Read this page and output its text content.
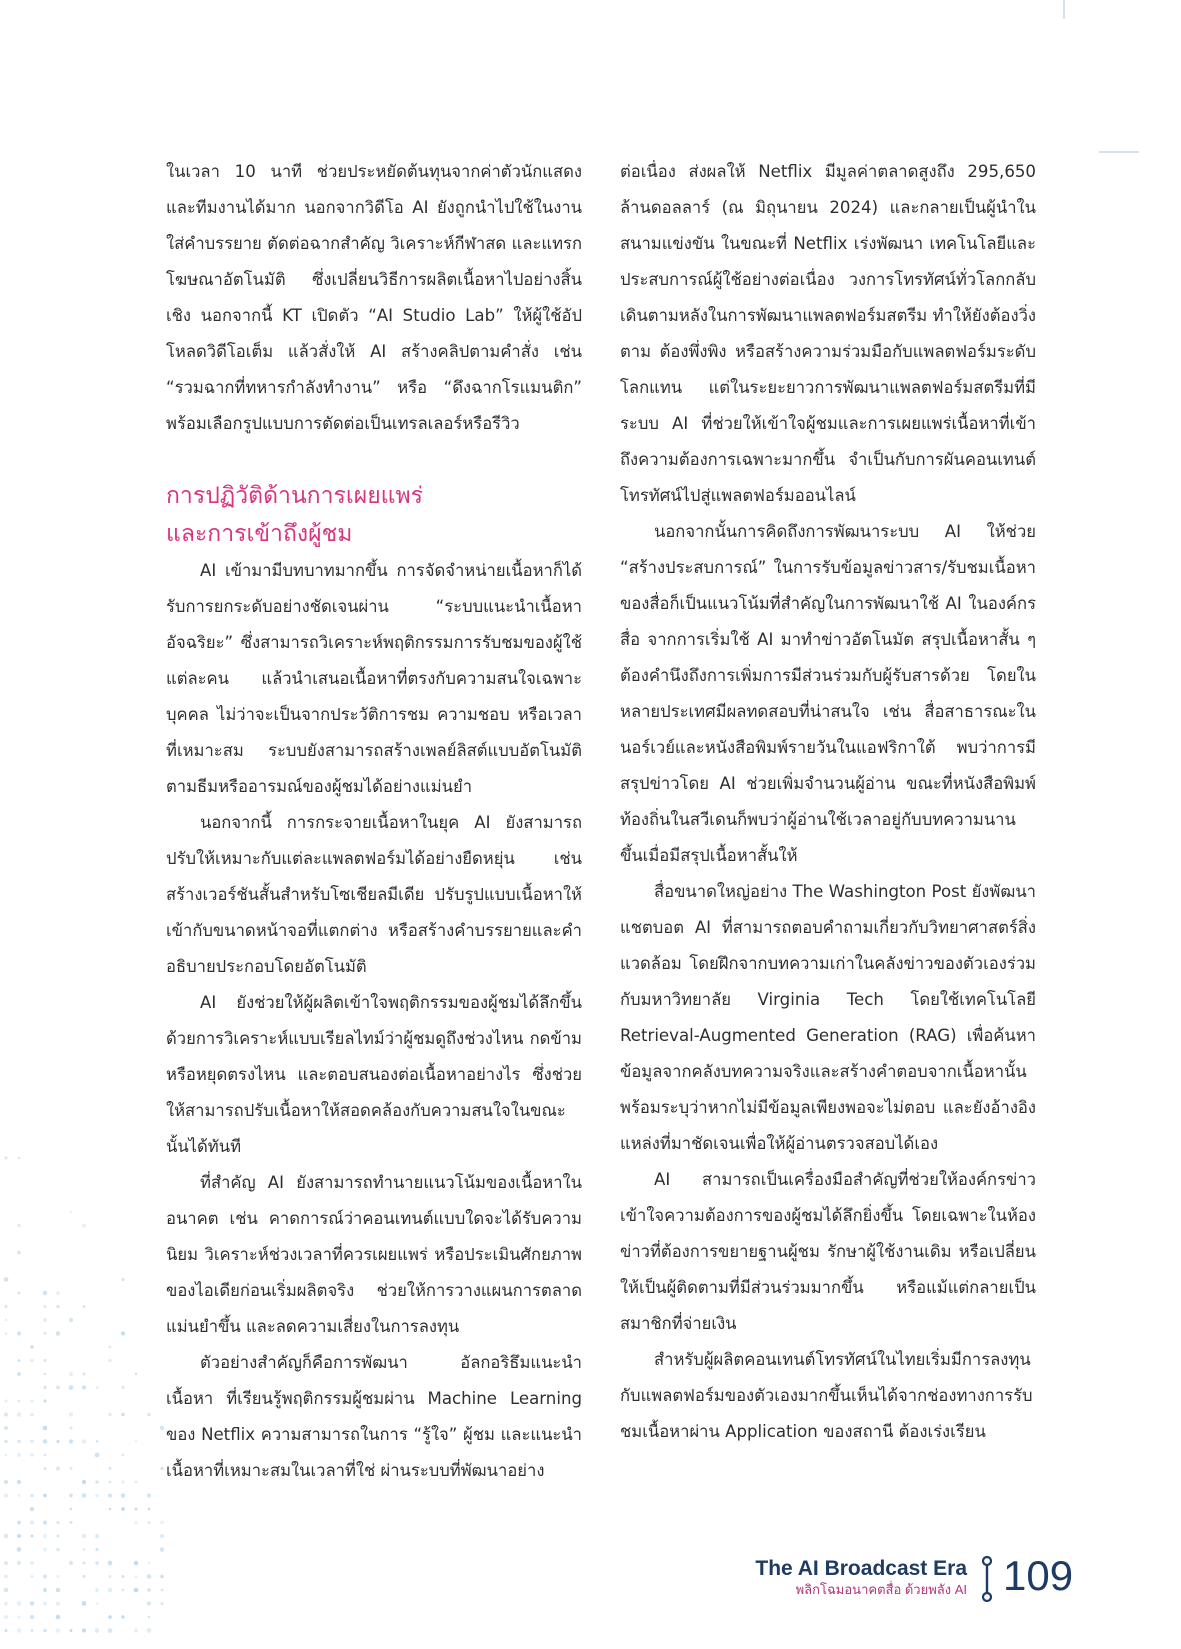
ในเวลา 10 นาที ช่วยประหยัดต้นทุนจากค่าตัวนักแสดงและทีมงานได้มาก นอกจากวิดีโอ AI ยังถูกนำไปใช้ในงานใส่คำบรรยาย ตัดต่อฉากสำคัญ วิเคราะห์กีฬาสด และแทรกโฆษณาอัตโนมัติ ซึ่งเปลี่ยนวิธีการผลิตเนื้อหาไปอย่างสิ้นเชิง นอกจากนี้ KT เปิดตัว “AI Studio Lab” ให้ผู้ใช้อัปโหลดวิดีโอเต็ม แล้วสั่งให้ AI สร้างคลิปตามคำสั่ง เช่น “รวมฉากที่ทหารกำลังทำงาน” หรือ “ดึงฉากโรแมนติก” พร้อมเลือกรูปแบบการตัดต่อเป็นเทรลเลอร์หรือรีวิว

การปฏิวัติด้านการเผยแพร่
และการเข้าถึงผู้ชม

AI เข้ามามีบทบาทมากขึ้น การจัดจำหน่ายเนื้อหาก็ได้รับการยกระดับอย่างชัดเจนผ่าน “ระบบแนะนำเนื้อหาอัจฉริยะ” ซึ่งสามารถวิเคราะห์พฤติกรรมการรับชมของผู้ใช้แต่ละคน แล้วนำเสนอเนื้อหาที่ตรงกับความสนใจเฉพาะบุคคล ไม่ว่าจะเป็นจากประวัติการชม ความชอบ หรือเวลาที่เหมาะสม ระบบยังสามารถสร้างเพลย์ลิสต์แบบอัตโนมัติตามธีมหรืออารมณ์ของผู้ชมได้อย่างแม่นยำ

นอกจากนี้ การกระจายเนื้อหาในยุค AI ยังสามารถปรับให้เหมาะกับแต่ละแพลตฟอร์มได้อย่างยืดหยุ่น เช่น สร้างเวอร์ชันสั้นสำหรับโซเชียลมีเดีย ปรับรูปแบบเนื้อหาให้เข้ากับขนาดหน้าจอที่แตกต่าง หรือสร้างคำบรรยายและคำอธิบายประกอบโดยอัตโนมัติ

AI ยังช่วยให้ผู้ผลิตเข้าใจพฤติกรรมของผู้ชมได้ลึกขึ้นด้วยการวิเคราะห์แบบเรียลไทม์ว่าผู้ชมดูถึงช่วงไหน กดข้ามหรือหยุดตรงไหน และตอบสนองต่อเนื้อหาอย่างไร ซึ่งช่วยให้สามารถปรับเนื้อหาให้สอดคล้องกับความสนใจในขณะนั้นได้ทันที

ที่สำคัญ AI ยังสามารถทำนายแนวโน้มของเนื้อหาในอนาคต เช่น คาดการณ์ว่าคอนเทนต์แบบใดจะได้รับความนิยม วิเคราะห์ช่วงเวลาที่ควรเผยแพร่ หรือประเมินศักยภาพของไอเดียก่อนเริ่มผลิตจริง ช่วยให้การวางแผนการตลาดแม่นยำขึ้น และลดความเสี่ยงในการลงทุน

ตัวอย่างสำคัญก็คือการพัฒนา อัลกอริธึมแนะนำเนื้อหา ที่เรียนรู้พฤติกรรมผู้ชมผ่าน Machine Learning ของ Netflix ความสามารถในการ “รู้ใจ” ผู้ชม และแนะนำเนื้อหาที่เหมาะสมในเวลาที่ใช่ ผ่านระบบที่พัฒนาอย่าง

ต่อเนื่อง ส่งผลให้ Netflix มีมูลค่าตลาดสูงถึง 295,650 ล้านดอลลาร์ (ณ มิถุนายน 2024) และกลายเป็นผู้นำในสนามแข่งขัน ในขณะที่ Netflix เร่งพัฒนา เทคโนโลยีและประสบการณ์ผู้ใช้อย่างต่อเนื่อง วงการโทรทัศน์ทั่วโลกกลับเดินตามหลังในการพัฒนาแพลตฟอร์มสตรีม ทำให้ยังต้องวิ่งตาม ต้องพึ่งพิง หรือสร้างความร่วมมือกับแพลตฟอร์มระดับโลกแทน แต่ในระยะยาวการพัฒนาแพลตฟอร์มสตรีมที่มีระบบ AI ที่ช่วยให้เข้าใจผู้ชมและการเผยแพร่เนื้อหาที่เข้าถึงความต้องการเฉพาะมากขึ้น จำเป็นกับการผันคอนเทนต์โทรทัศน์ไปสู่แพลตฟอร์มออนไลน์

นอกจากนั้นการคิดถึงการพัฒนาระบบ AI ให้ช่วย “สร้างประสบการณ์” ในการรับข้อมูลข่าวสาร/รับชมเนื้อหาของสื่อก็เป็นแนวโน้มที่สำคัญในการพัฒนาใช้ AI ในองค์กรสื่อ จากการเริ่มใช้ AI มาทำข่าวอัตโนมัต สรุปเนื้อหาสั้น ๆ ต้องคำนึงถึงการเพิ่มการมีส่วนร่วมกับผู้รับสารด้วย โดยในหลายประเทศมีผลทดสอบที่น่าสนใจ เช่น สื่อสาธารณะในนอร์เวย์และหนังสือพิมพ์รายวันในแอฟริกาใต้ พบว่าการมีสรุปข่าวโดย AI ช่วยเพิ่มจำนวนผู้อ่าน ขณะที่หนังสือพิมพ์ท้องถิ่นในสวีเดนก็พบว่าผู้อ่านใช้เวลาอยู่กับบทความนานขึ้นเมื่อมีสรุปเนื้อหาสั้นให้

สื่อขนาดใหญ่อย่าง The Washington Post ยังพัฒนาแชตบอต AI ที่สามารถตอบคำถามเกี่ยวกับวิทยาศาสตร์สิ่งแวดล้อม โดยฝึกจากบทความเก่าในคลังข่าวของตัวเองร่วมกับมหาวิทยาลัย Virginia Tech โดยใช้เทคโนโลยี Retrieval-Augmented Generation (RAG) เพื่อค้นหาข้อมูลจากคลังบทความจริงและสร้างคำตอบจากเนื้อหานั้น พร้อมระบุว่าหากไม่มีข้อมูลเพียงพอจะไม่ตอบ และยังอ้างอิงแหล่งที่มาชัดเจนเพื่อให้ผู้อ่านตรวจสอบได้เอง

AI สามารถเป็นเครื่องมือสำคัญที่ช่วยให้องค์กรข่าวเข้าใจความต้องการของผู้ชมได้ลึกยิ่งขึ้น โดยเฉพาะในห้องข่าวที่ต้องการขยายฐานผู้ชม รักษาผู้ใช้งานเดิม หรือเปลี่ยนให้เป็นผู้ติดตามที่มีส่วนร่วมมากขึ้น หรือแม้แต่กลายเป็นสมาชิกที่จ่ายเงิน

สำหรับผู้ผลิตคอนเทนต์โทรทัศน์ในไทยเริ่มมีการลงทุนกับแพลตฟอร์มของตัวเองมากขึ้นเห็นได้จากช่องทางการรับชมเนื้อหาผ่าน Application ของสถานี ต้องเร่งเรียน

The AI Broadcast Era
พลิกโฉมอนาคตสื่อ ด้วยพลัง AI 109
